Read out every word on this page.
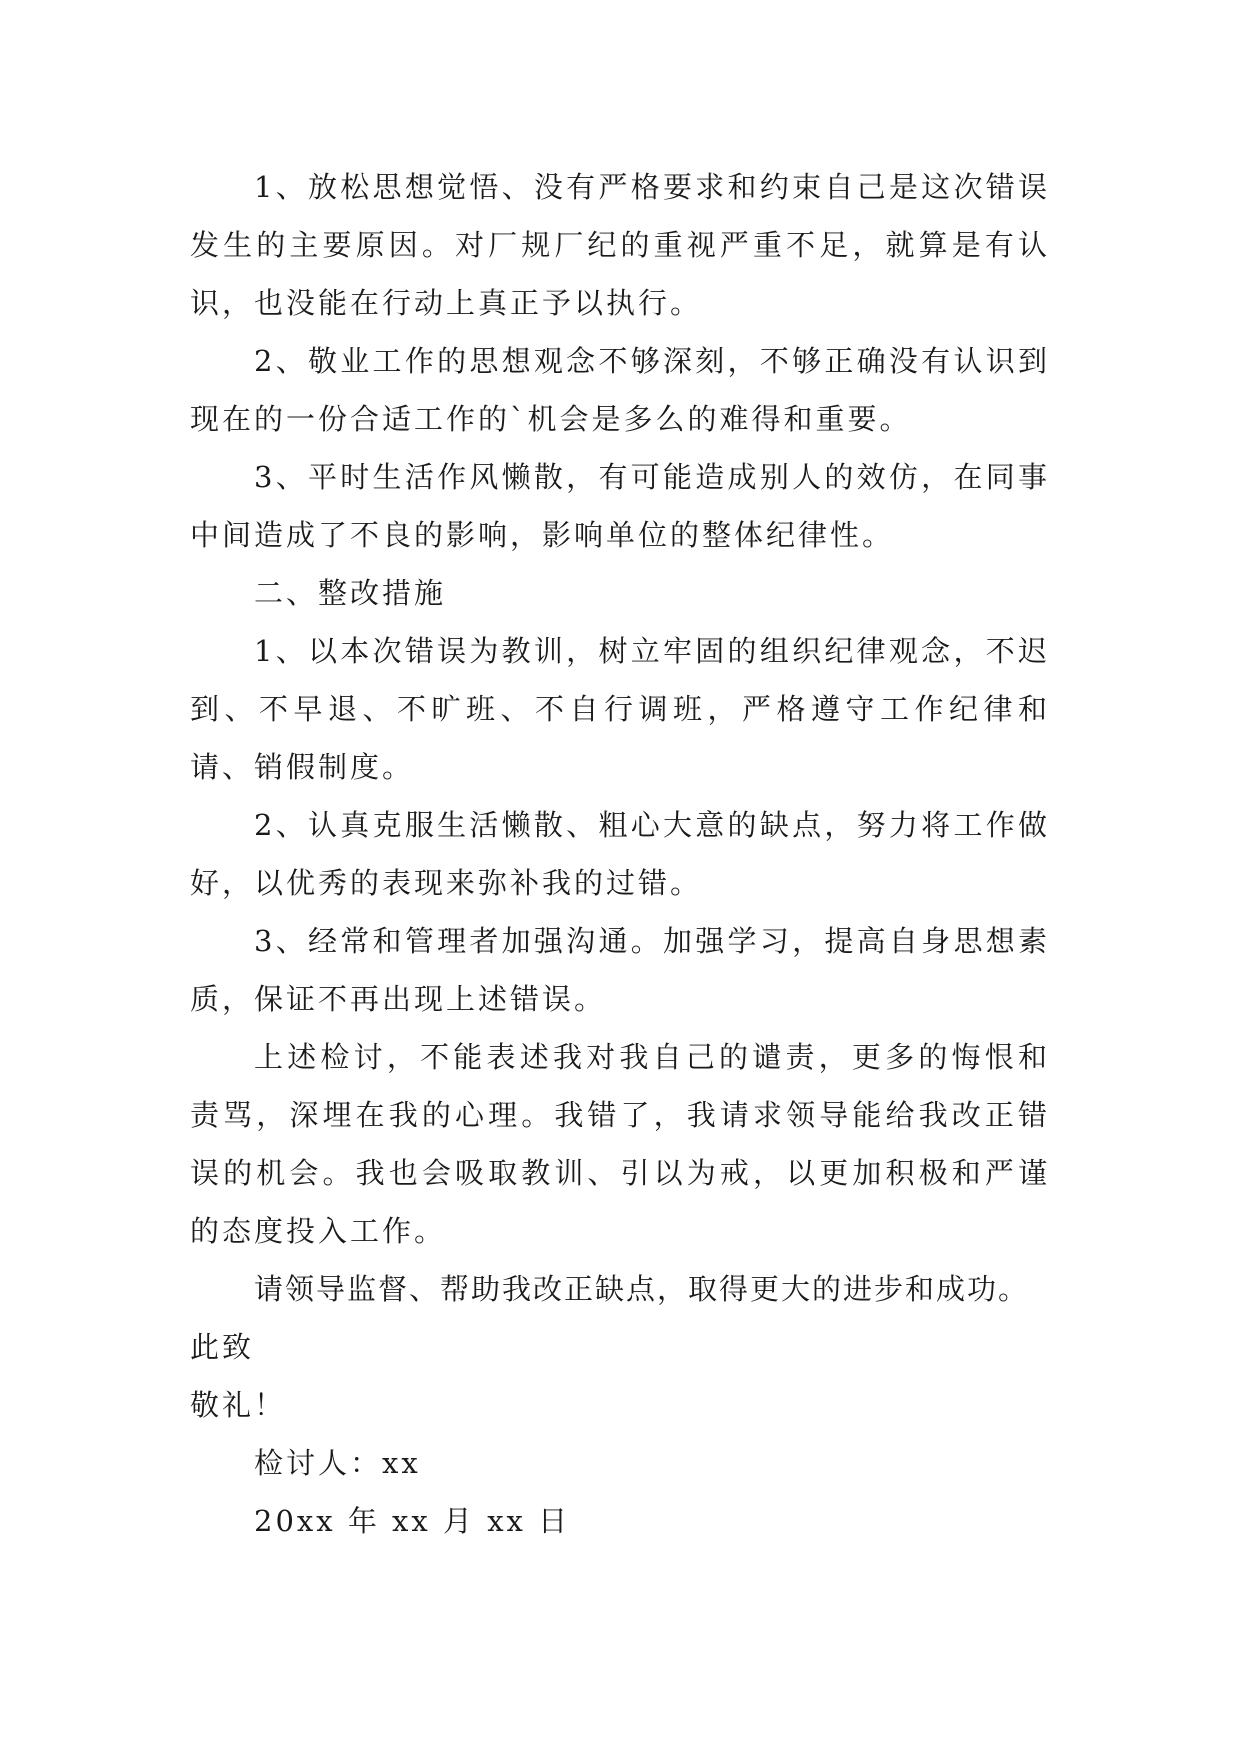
1、放松思想觉悟、没有严格要求和约束自己是这次错误发生的主要原因。对厂规厂纪的重视严重不足，就算是有认识，也没能在行动上真正予以执行。

2、敬业工作的思想观念不够深刻，不够正确没有认识到现在的一份合适工作的`机会是多么的难得和重要。

3、平时生活作风懒散，有可能造成别人的效仿，在同事中间造成了不良的影响，影响单位的整体纪律性。

二、整改措施

1、以本次错误为教训，树立牢固的组织纪律观念，不迟到、不早退、不旷班、不自行调班，严格遵守工作纪律和请、销假制度。

2、认真克服生活懒散、粗心大意的缺点，努力将工作做好，以优秀的表现来弥补我的过错。

3、经常和管理者加强沟通。加强学习，提高自身思想素质，保证不再出现上述错误。

上述检讨，不能表述我对我自己的谴责，更多的悔恨和责骂，深埋在我的心理。我错了，我请求领导能给我改正错误的机会。我也会吸取教训、引以为戒，以更加积极和严谨的态度投入工作。

请领导监督、帮助我改正缺点，取得更大的进步和成功。

此致

敬礼！

检讨人：xx

20xx 年 xx 月 xx 日
